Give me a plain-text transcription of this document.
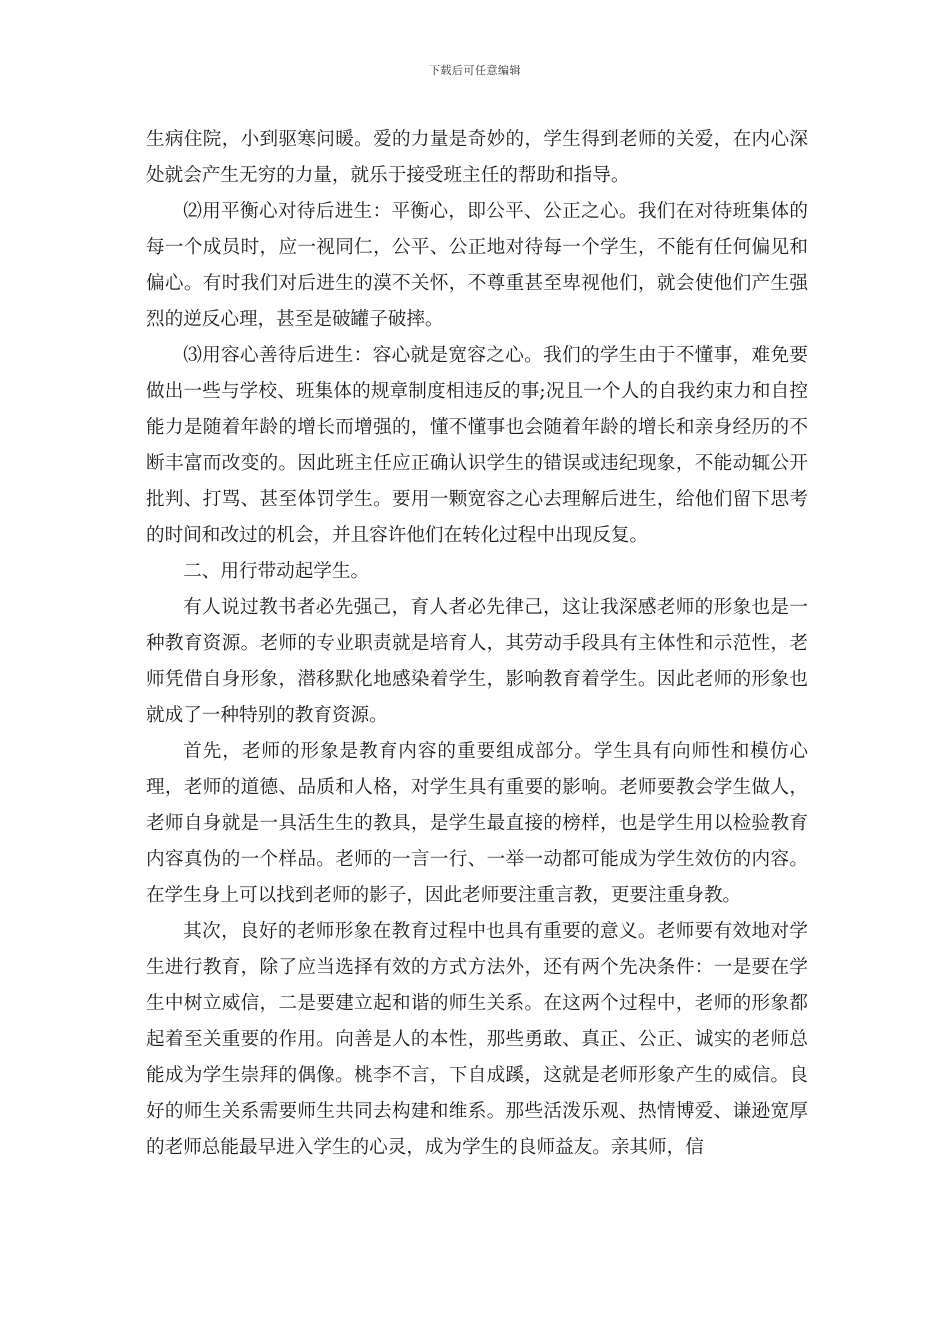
下载后可任意编辑

生病住院，小到驱寒问暖。爱的力量是奇妙的，学生得到老师的关爱，在内心深处就会产生无穷的力量，就乐于接受班主任的帮助和指导。

⑵用平衡心对待后进生：平衡心，即公平、公正之心。我们在对待班集体的每一个成员时，应一视同仁，公平、公正地对待每一个学生，不能有任何偏见和偏心。有时我们对后进生的漠不关怀，不尊重甚至卑视他们，就会使他们产生强烈的逆反心理，甚至是破罐子破摔。

⑶用容心善待后进生：容心就是宽容之心。我们的学生由于不懂事，难免要做出一些与学校、班集体的规章制度相违反的事;况且一个人的自我约束力和自控能力是随着年龄的增长而增强的，懂不懂事也会随着年龄的增长和亲身经历的不断丰富而改变的。因此班主任应正确认识学生的错误或违纪现象，不能动辄公开批判、打骂、甚至体罚学生。要用一颗宽容之心去理解后进生，给他们留下思考的时间和改过的机会，并且容许他们在转化过程中出现反复。

二、用行带动起学生。

有人说过教书者必先强己，育人者必先律己，这让我深感老师的形象也是一种教育资源。老师的专业职责就是培育人，其劳动手段具有主体性和示范性，老师凭借自身形象，潜移默化地感染着学生，影响教育着学生。因此老师的形象也就成了一种特别的教育资源。

首先，老师的形象是教育内容的重要组成部分。学生具有向师性和模仿心理，老师的道德、品质和人格，对学生具有重要的影响。老师要教会学生做人，老师自身就是一具活生生的教具，是学生最直接的榜样，也是学生用以检验教育内容真伪的一个样品。老师的一言一行、一举一动都可能成为学生效仿的内容。在学生身上可以找到老师的影子，因此老师要注重言教，更要注重身教。

其次，良好的老师形象在教育过程中也具有重要的意义。老师要有效地对学生进行教育，除了应当选择有效的方式方法外，还有两个先决条件：一是要在学生中树立威信，二是要建立起和谐的师生关系。在这两个过程中，老师的形象都起着至关重要的作用。向善是人的本性，那些勇敢、真正、公正、诚实的老师总能成为学生崇拜的偶像。桃李不言，下自成蹊，这就是老师形象产生的威信。良好的师生关系需要师生共同去构建和维系。那些活泼乐观、热情博爱、谦逊宽厚的老师总能最早进入学生的心灵，成为学生的良师益友。亲其师，信
